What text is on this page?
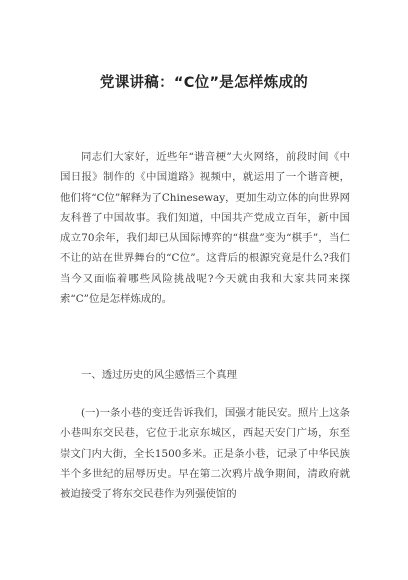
党课讲稿：“C位”是怎样炼成的

同志们大家好，近些年“谐音梗”大火网络，前段时间《中国日报》制作的《中国道路》视频中，就运用了一个谐音梗，他们将“C位”解释为了Chineseway，更加生动立体的向世界网友科普了中国故事。我们知道，中国共产党成立百年，新中国成立70余年，我们却已从国际博弈的“棋盘”变为“棋手”，当仁不让的站在世界舞台的“C位”。这背后的根源究竟是什么?我们当今又面临着哪些风险挑战呢?今天就由我和大家共同来探索“C”位是怎样炼成的。

一、透过历史的风尘感悟三个真理

(一)一条小巷的变迁告诉我们，国强才能民安。照片上这条小巷叫东交民巷，它位于北京东城区，西起天安门广场，东至崇文门内大街，全长1500多米。正是条小巷，记录了中华民族半个多世纪的屈辱历史。早在第二次鸦片战争期间，清政府就被迫接受了将东交民巷作为列强使馆的
